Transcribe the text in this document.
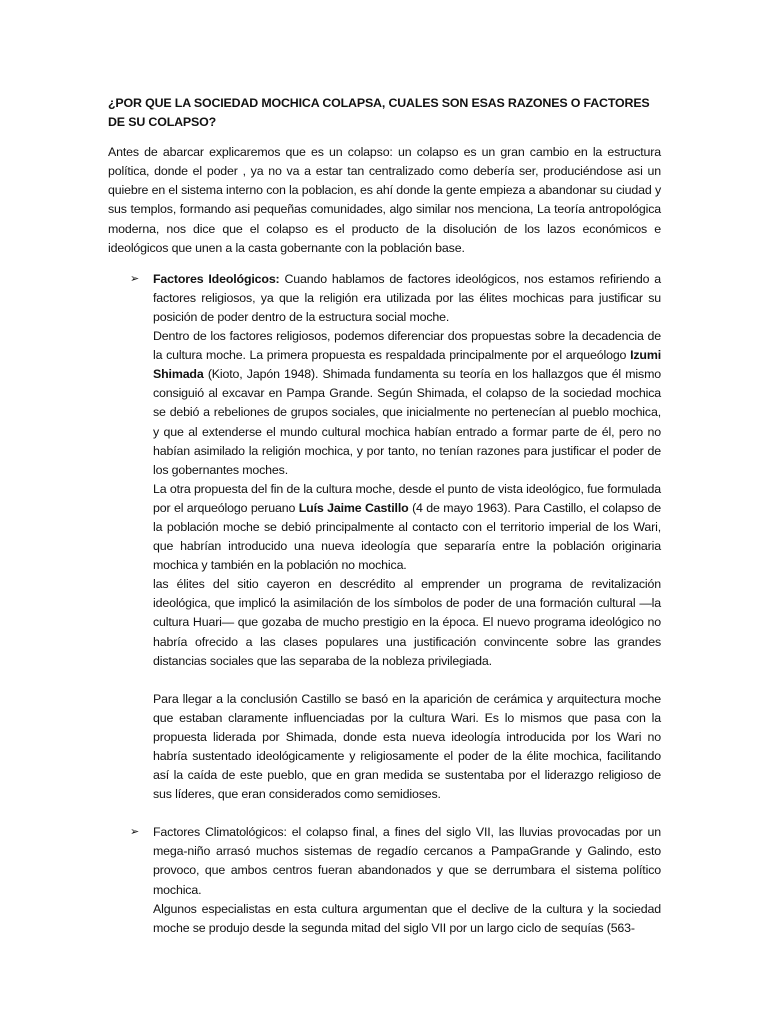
¿POR QUE LA SOCIEDAD MOCHICA COLAPSA, CUALES SON ESAS RAZONES O FACTORES DE SU COLAPSO?

Antes de abarcar explicaremos que es un colapso: un colapso es un gran cambio en la estructura política, donde el poder , ya no va a estar tan centralizado como debería ser, produciéndose asi un quiebre en el sistema interno con la poblacion, es ahí donde la gente empieza a abandonar su ciudad y sus templos, formando asi pequeñas comunidades, algo similar nos menciona, La teoría antropológica moderna, nos dice que el colapso es el producto de la disolución de los lazos económicos e ideológicos que unen a la casta gobernante con la población base.

➢	Factores Ideológicos: Cuando hablamos de factores ideológicos, nos estamos refiriendo a factores religiosos, ya que la religión era utilizada por las élites mochicas para justificar su posición de poder dentro de la estructura social moche.

Dentro de los factores religiosos, podemos diferenciar dos propuestas sobre la decadencia de la cultura moche. La primera propuesta es respaldada principalmente por el arqueólogo Izumi Shimada (Kioto, Japón 1948). Shimada fundamenta su teoría en los hallazgos que él mismo consiguió al excavar en Pampa Grande. Según Shimada, el colapso de la sociedad mochica se debió a rebeliones de grupos sociales, que inicialmente no pertenecían al pueblo mochica, y que al extenderse el mundo cultural mochica habían entrado a formar parte de él, pero no habían asimilado la religión mochica, y por tanto, no tenían razones para justificar el poder de los gobernantes moches.

La otra propuesta del fin de la cultura moche, desde el punto de vista ideológico, fue formulada por el arqueólogo peruano Luís Jaime Castillo (4 de mayo 1963). Para Castillo, el colapso de la población moche se debió principalmente al contacto con el territorio imperial de los Wari, que habrían introducido una nueva ideología que separaría entre la población originaria mochica y también en la población no mochica.

las élites del sitio cayeron en descrédito al emprender un programa de revitalización ideológica, que implicó la asimilación de los símbolos de poder de una formación cultural —la cultura Huari— que gozaba de mucho prestigio en la época. El nuevo programa ideológico no habría ofrecido a las clases populares una justificación convincente sobre las grandes distancias sociales que las separaba de la nobleza privilegiada.

Para llegar a la conclusión Castillo se basó en la aparición de cerámica y arquitectura moche que estaban claramente influenciadas por la cultura Wari. Es lo mismos que pasa con la propuesta liderada por Shimada, donde esta nueva ideología introducida por los Wari no habría sustentado ideológicamente y religiosamente el poder de la élite mochica, facilitando así la caída de este pueblo, que en gran medida se sustentaba por el liderazgo religioso de sus líderes, que eran considerados como semidioses.

➢	Factores Climatológicos: el colapso final, a fines del siglo VII, las lluvias provocadas por un mega-niño arrasó muchos sistemas de regadío cercanos a PampaGrande y Galindo, esto provoco, que ambos centros fueran abandonados y que se derrumbara el sistema político mochica.

Algunos especialistas en esta cultura argumentan que el declive de la cultura y la sociedad moche se produjo desde la segunda mitad del siglo VII por un largo ciclo de sequías (563-
